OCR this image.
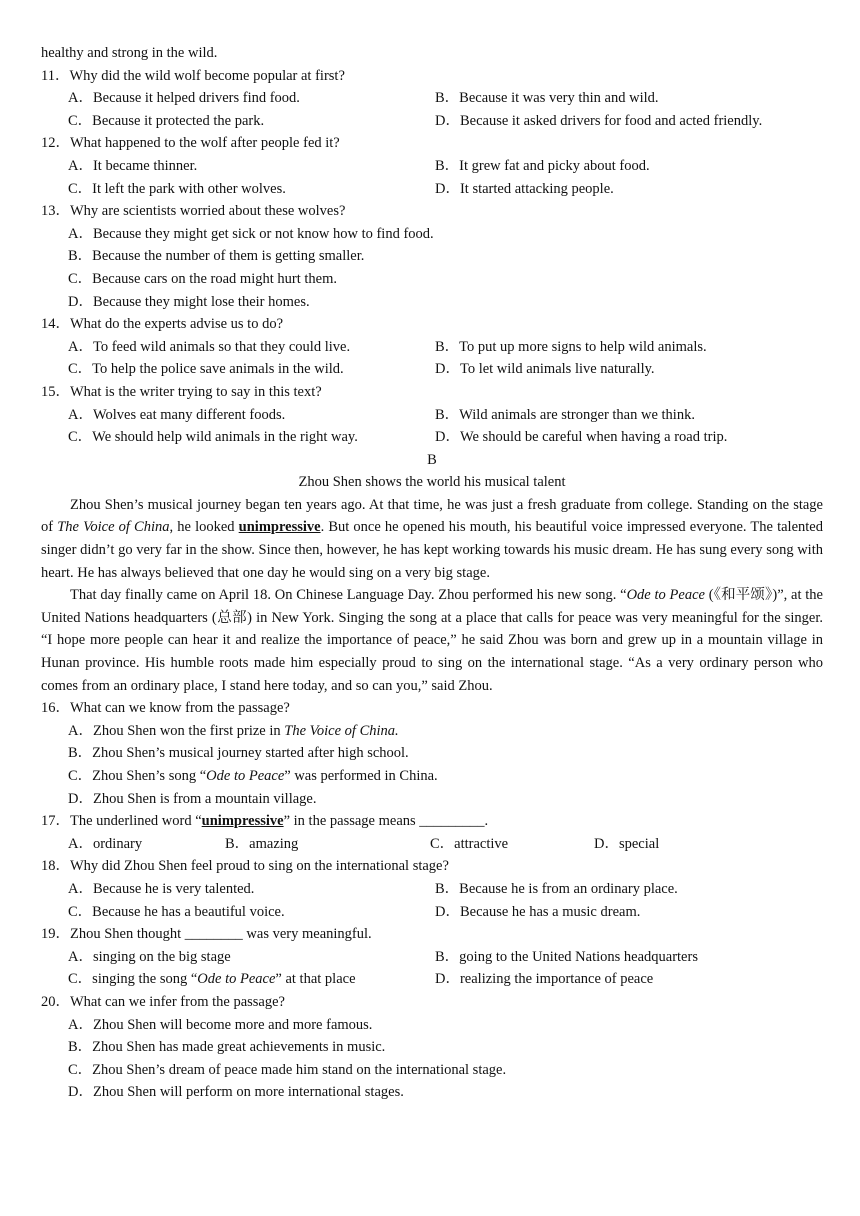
healthy and strong in the wild.
11．Why did the wild wolf become popular at first?
A．Because it helped drivers find food.	B．Because it was very thin and wild.
C．Because it protected the park.	D．Because it asked drivers for food and acted friendly.
12．What happened to the wolf after people fed it?
A．It became thinner.	B．It grew fat and picky about food.
C．It left the park with other wolves.	D．It started attacking people.
13．Why are scientists worried about these wolves?
A．Because they might get sick or not know how to find food.
B．Because the number of them is getting smaller.
C．Because cars on the road might hurt them.
D．Because they might lose their homes.
14．What do the experts advise us to do?
A．To feed wild animals so that they could live.	B．To put up more signs to help wild animals.
C．To help the police save animals in the wild.	D．To let wild animals live naturally.
15．What is the writer trying to say in this text?
A．Wolves eat many different foods.	B．Wild animals are stronger than we think.
C．We should help wild animals in the right way.	D．We should be careful when having a road trip.
B
Zhou Shen shows the world his musical talent
Zhou Shen’s musical journey began ten years ago. At that time, he was just a fresh graduate from college. Standing on the stage of The Voice of China, he looked unimpressive. But once he opened his mouth, his beautiful voice impressed everyone. The talented singer didn’t go very far in the show. Since then, however, he has kept working towards his music dream. He has sung every song with heart. He has always believed that one day he would sing on a very big stage.
That day finally came on April 18. On Chinese Language Day. Zhou performed his new song. “Ode to Peace (《和平颂》)”, at the United Nations headquarters (总部) in New York. Singing the song at a place that calls for peace was very meaningful for the singer. “I hope more people can hear it and realize the importance of peace,” he said Zhou was born and grew up in a mountain village in Hunan province. His humble roots made him especially proud to sing on the international stage. “As a very ordinary person who comes from an ordinary place, I stand here today, and so can you,” said Zhou.
16．What can we know from the passage?
A．Zhou Shen won the first prize in The Voice of China.
B．Zhou Shen’s musical journey started after high school.
C．Zhou Shen’s song “Ode to Peace” was performed in China.
D．Zhou Shen is from a mountain village.
17．The underlined word “unimpressive” in the passage means _________.
A．ordinary	B．amazing	C．attractive	D．special
18．Why did Zhou Shen feel proud to sing on the international stage?
A．Because he is very talented.	B．Because he is from an ordinary place.
C．Because he has a beautiful voice.	D．Because he has a music dream.
19．Zhou Shen thought ________ was very meaningful.
A．singing on the big stage	B．going to the United Nations headquarters
C．singing the song “Ode to Peace” at that place	D．realizing the importance of peace
20．What can we infer from the passage?
A．Zhou Shen will become more and more famous.
B．Zhou Shen has made great achievements in music.
C．Zhou Shen’s dream of peace made him stand on the international stage.
D．Zhou Shen will perform on more international stages.
